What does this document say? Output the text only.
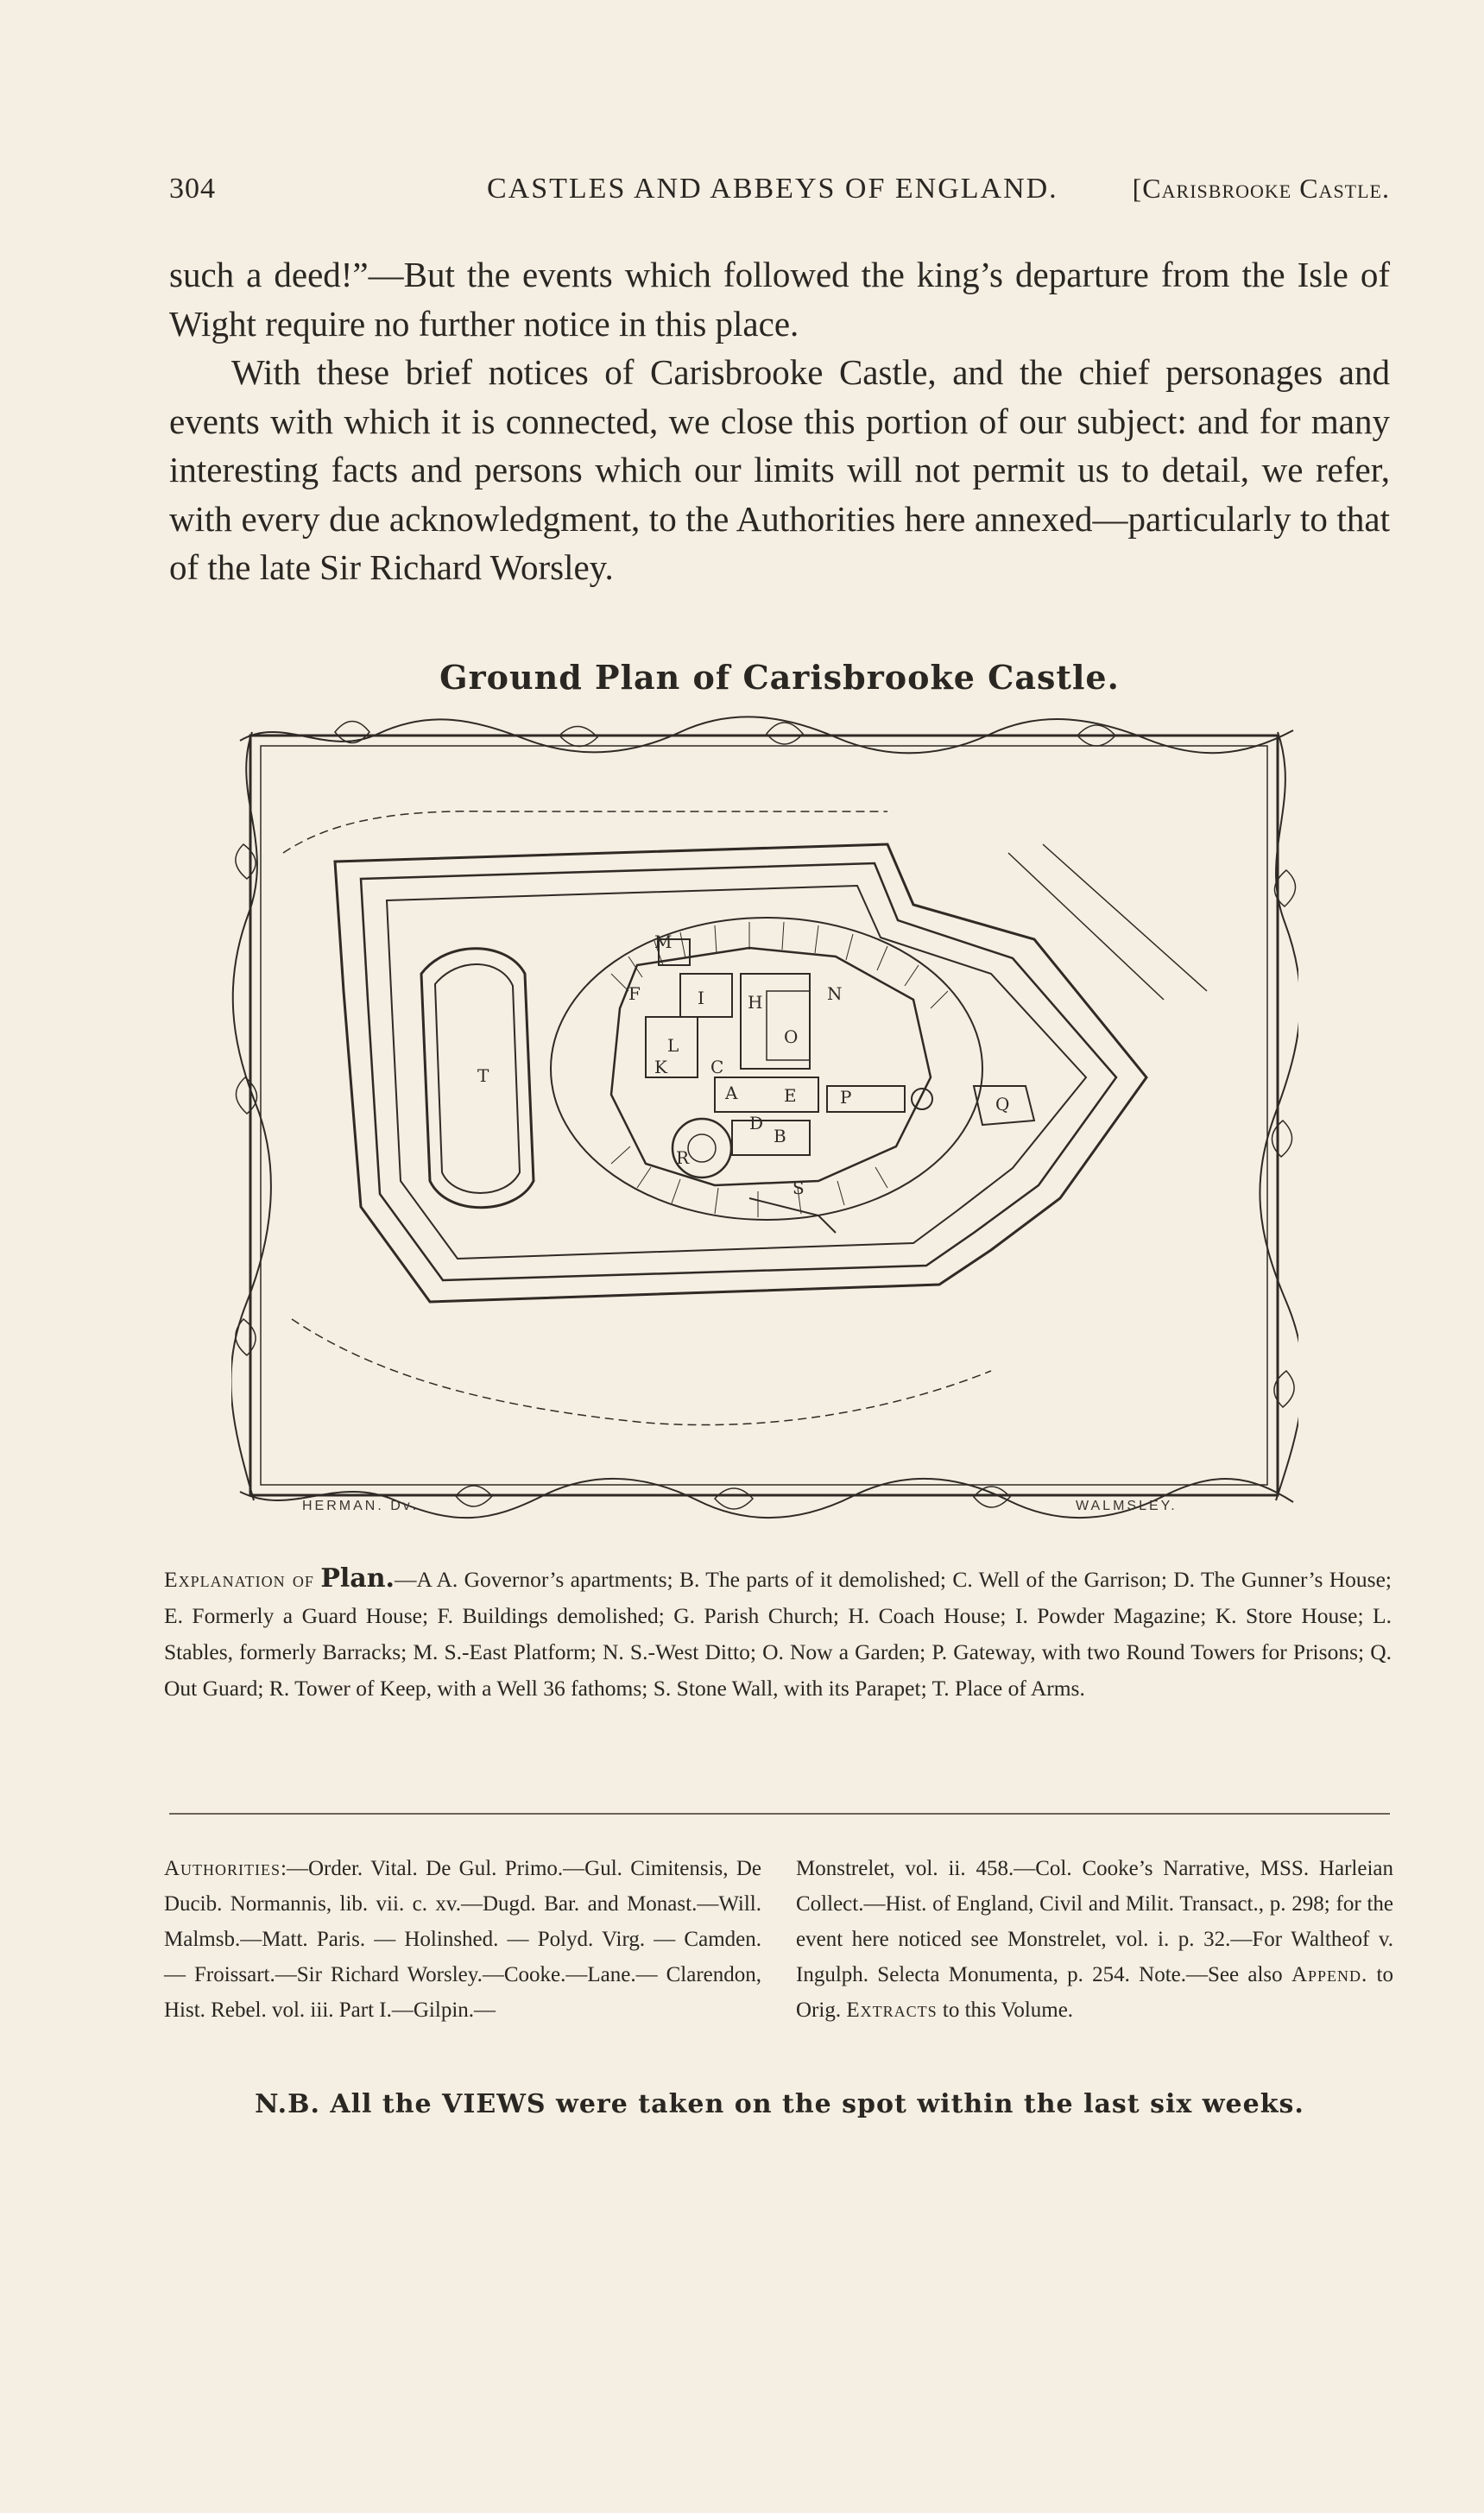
304	CASTLES AND ABBEYS OF ENGLAND.	[Carisbrooke Castle.

such a deed!”—But the events which followed the king’s departure from the Isle of Wight require no further notice in this place.

With these brief notices of Carisbrooke Castle, and the chief personages and events with which it is connected, we close this portion of our subject: and for many interesting facts and persons which our limits will not permit us to detail, we refer, with every due acknowledgment, to the Authorities here annexed—particularly to that of the late Sir Richard Worsley.

Ground Plan of Carisbrooke Castle.
M
F	I	H
L
T	K	C
A	E	P	Q
B
D
R
S
N
O
HERMAN. Dᴠ.	WALMSLEY.
Explanation of Plan.—A A. Governor’s apartments; B. The parts of it demolished; C. Well of the Garrison; D. The Gunner’s House; E. Formerly a Guard House; F. Buildings demolished; G. Parish Church; H. Coach House; I. Powder Magazine; K. Store House; L. Stables, formerly Barracks; M. S.-East Platform; N. S.-West Ditto; O. Now a Garden; P. Gateway, with two Round Towers for Prisons; Q. Out Guard; R. Tower of Keep, with a Well 36 fathoms; S. Stone Wall, with its Parapet; T. Place of Arms.
Authorities:—Order. Vital. De Gul. Primo.—Gul. Cimitensis, De Ducib. Normannis, lib. vii. c. xv.—Dugd. Bar. and Monast.—Will. Malmsb.—Matt. Paris. — Holinshed. — Polyd. Virg. — Camden. — Froissart.—Sir Richard Worsley.—Cooke.—Lane.— Clarendon, Hist. Rebel. vol. iii. Part I.—Gilpin.—
Monstrelet, vol. ii. 458.—Col. Cooke’s Narrative, MSS. Harleian Collect.—Hist. of England, Civil and Milit. Transact., p. 298; for the event here noticed see Monstrelet, vol. i. p. 32.—For Waltheof v. Ingulph. Selecta Monumenta, p. 254. Note.—See also Append. to Orig. Extracts to this Volume.
N.B. All the VIEWS were taken on the spot within the last six weeks.
